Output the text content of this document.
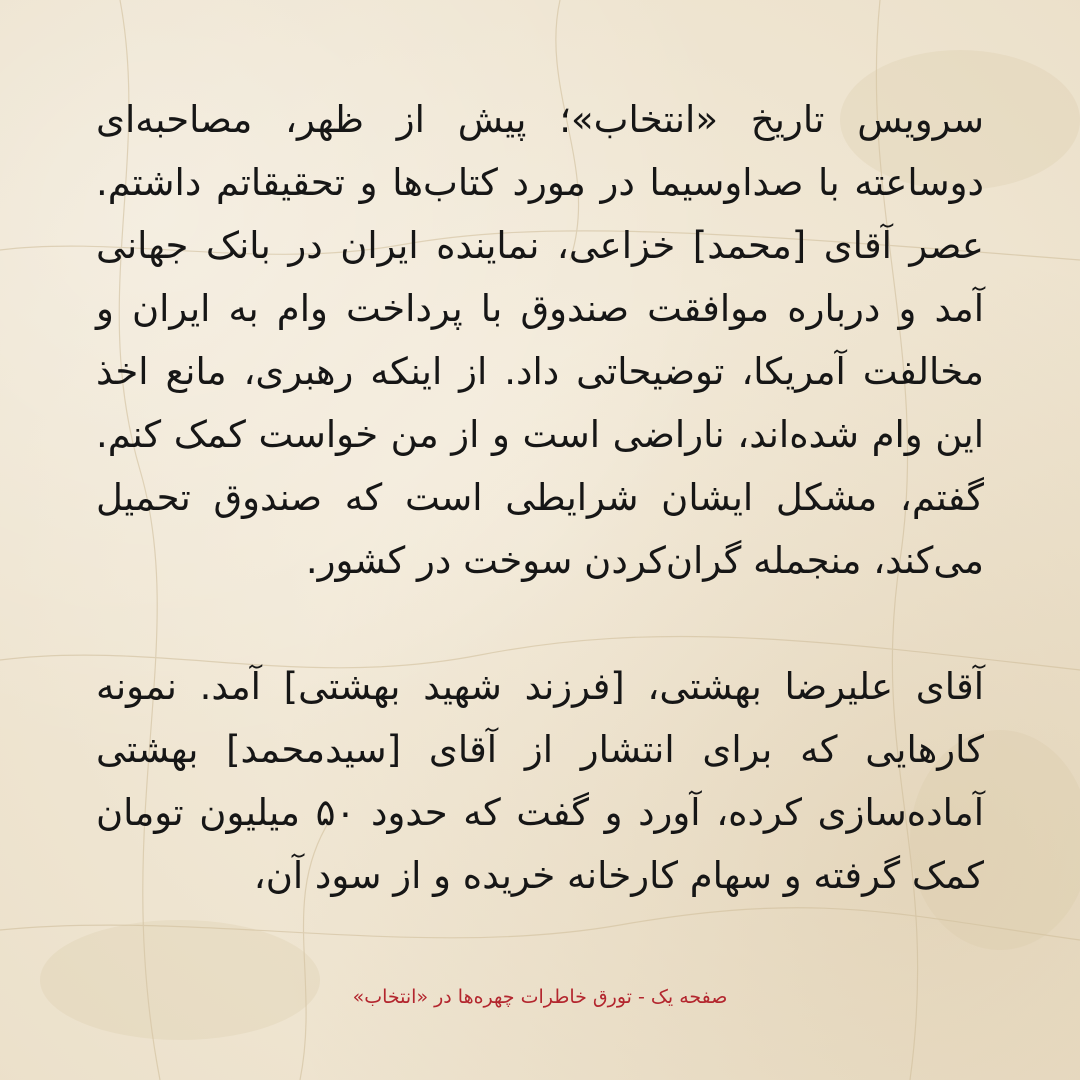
سرویس تاریخ «انتخاب»؛ پیش از ظهر، مصاحبه‌ای دوساعته با صداوسیما در مورد کتاب‌ها و تحقیقاتم داشتم. عصر آقای [محمد] خزاعی، نماینده ایران در بانک جهانی آمد و درباره موافقت صندوق با پرداخت وام به ایران و مخالفت آمریکا، توضیحاتی داد. از اینکه رهبری، مانع اخذ این وام شده‌اند، ناراضی است و از من خواست کمک کنم. گفتم، مشکل ایشان شرایطی است که صندوق تحمیل می‌کند، منجمله گران‌کردن سوخت در کشور.

آقای علیرضا بهشتی، [فرزند شهید بهشتی] آمد. نمونه کارهایی که برای انتشار از آقای [سیدمحمد] بهشتی آماده‌سازی کرده، آورد و گفت که حدود ۵۰ میلیون تومان کمک گرفته و سهام کارخانه خریده و از سود آن،

صفحه یک - تورق خاطرات چهره‌ها در «انتخاب»
